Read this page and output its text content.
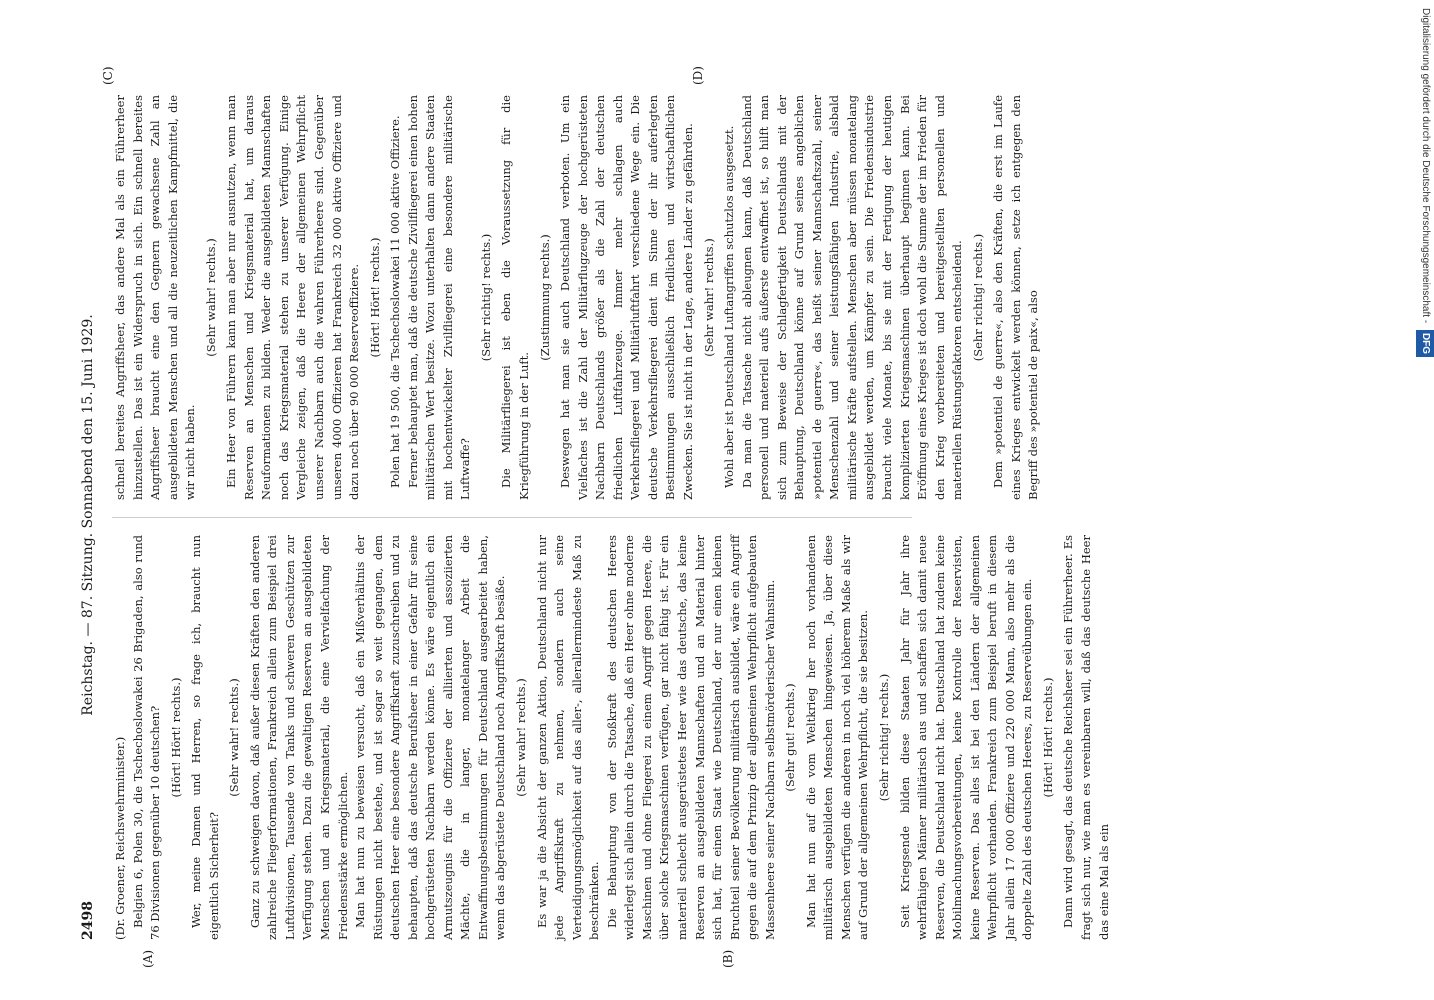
2498
Reichstag. — 87. Sitzung. Sonnabend den 15. Juni 1929.
(A)	(B)
(C)	(D)

(Dr. Groener, Reichswehrminister.) Belgien 6, Polen 30, die Tschechoslowakei 26 Brigaden, also rund 76 Divisionen gegenüber 10 deutschen? (Hört! Hört! rechts.) Wer, meine Damen und Herren, so frage ich, braucht nun eigentlich Sicherheit?

(Sehr wahr! rechts.) Ganz zu schweigen davon, daß außer diesen Kräften den anderen zahlreiche Fliegerformationen, Frankreich allein zum Beispiel drei Luftdivisionen, Tausende von Tanks und schweren Geschützen zur Verfügung stehen. Dazu die gewaltigen Reserven an ausgebildeten Menschen und an Kriegsmaterial, die eine Vervielfachung der Friedensstärke ermöglichen. Man hat nun zu beweisen versucht, daß ein Mißverhältnis der Rüstungen nicht bestehe, und ist sogar so weit gegangen, dem deutschen Heer eine besondere Angriffskraft zuzuschreiben und zu behaupten, daß das deutsche Berufsheer in einer Gefahr für seine hochgerüsteten Nachbarn werden könne. Es wäre eigentlich ein Armutszeugnis für die Offiziere der alliierten und assoziierten Mächte, die in langer, monatelanger Arbeit die Entwaffnungsbestimmungen für Deutschland ausgearbeitet haben, wenn das abgerüstete Deutschland noch Angriffskraft besäße. (Sehr wahr! rechts.) Es war ja die Absicht der ganzen Aktion, Deutschland nicht nur jede Angriffskraft zu nehmen, sondern auch seine Verteidigungsmöglichkeit auf das aller-, allerallermindeste Maß zu beschränken. Die Behauptung von der Stoßkraft des deutschen Heeres widerlegt sich allein durch die Tatsache, daß ein Heer ohne moderne Maschinen und ohne Fliegerei zu einem Angriff gegen Heere, die über solche Kriegsmaschinen verfügen, gar nicht fähig ist. Für ein materiell schlecht ausgerüstetes Heer wie das deutsche, das keine Reserven an ausgebildeten Mannschaften und an Material hinter sich hat, für einen Staat wie Deutschland, der nur einen kleinen Bruchteil seiner Bevölkerung militärisch ausbildet, wäre ein Angriff gegen die auf dem Prinzip der allgemeinen Wehrpflicht aufgebauten Massenheere seiner Nachbarn selbstmörderischer Wahnsinn. (Sehr gut! rechts.) Man hat nun auf die vom Weltkrieg her noch vorhandenen militärisch ausgebildeten Menschen hingewiesen. Ja, über diese Menschen verfügen die anderen in noch viel höherem Maße als wir auf Grund der allgemeinen Wehrpflicht, die sie besitzen. (Sehr richtig! rechts.) Seit Kriegsende bilden diese Staaten Jahr für Jahr ihre wehrfähigen Männer militärisch aus und schaffen sich damit neue Reserven, die Deutschland nicht hat. Deutschland hat zudem keine Mobilmachungsvorbereitungen, keine Kontrolle der Reservisten, keine Reserven. Das alles ist bei den Ländern der allgemeinen Wehrpflicht vorhanden. Frankreich zum Beispiel beruft in diesem Jahr allein 17 000 Offiziere und 220 000 Mann, also mehr als die doppelte Zahl des deutschen Heeres, zu Reserveübungen ein. (Hört! Hört! rechts.) Dann wird gesagt, das deutsche Reichsheer sei ein Führerheer. Es fragt sich nur, wie man es vereinbaren will, daß das deutsche Heer das eine Mal als ein

schnell bereites Angriffsheer, das andere Mal als ein Führerheer hinzustellen. Das ist ein Widerspruch in sich. Ein schnell bereites Angriffsheer braucht eine den Gegnern gewachsene Zahl an ausgebildeten Menschen und all die neuzeitlichen Kampfmittel, die wir nicht haben.

(Sehr wahr! rechts.) Ein Heer von Führern kann man aber nur ausnutzen, wenn man Reserven an Menschen und Kriegsmaterial hat, um daraus Neuformationen zu bilden. Weder die ausgebildeten Mannschaften noch das Kriegsmaterial stehen zu unserer Verfügung. Einige Vergleiche zeigen, daß die Heere der allgemeinen Wehrpflicht unserer Nachbarn auch die wahren Führerheere sind. Gegenüber unseren 4000 Offizieren hat Frankreich 32 000 aktive Offiziere und dazu noch über 90 000 Reserveoffiziere. (Hört! Hört! rechts.) Polen hat 19 500, die Tschechoslowakei 11 000 aktive Offiziere. Ferner behauptet man, daß die deutsche Zivilfliegerei einen hohen militärischen Wert besitze. Wozu unterhalten dann andere Staaten mit hochentwickelter Zivilfliegerei eine besondere militärische Luftwaffe?

(Sehr richtig! rechts.) Die Militärfliegerei ist eben die Voraussetzung für die Kriegführung in der Luft.

(Zustimmung rechts.) Deswegen hat man sie auch Deutschland verboten. Um ein Vielfaches ist die Zahl der Militärflugzeuge der hochgerüsteten Nachbarn Deutschlands größer als die Zahl der deutschen friedlichen Luftfahrzeuge. Immer mehr schlagen auch Verkehrsfliegerei und Militärluftfahrt verschiedene Wege ein. Die deutsche Verkehrsfliegerei dient im Sinne der ihr auferlegten Bestimmungen ausschließlich friedlichen und wirtschaftlichen Zwecken. Sie ist nicht in der Lage, andere Länder zu gefährden. (Sehr wahr! rechts.) Wohl aber ist Deutschland Luftangriffen schutzlos ausgesetzt. Da man die Tatsache nicht ableugnen kann, daß Deutschland personell und materiell aufs äußerste entwaffnet ist, so hilft man sich zum Beweise der Schlagfertigkeit Deutschlands mit der Behauptung, Deutschland könne auf Grund seines angeblichen »potentiel de guerre«, das heißt seiner Mannschaftszahl, seiner Menschenzahl und seiner leistungsfähigen Industrie, alsbald militärische Kräfte aufstellen. Menschen aber müssen monatelang ausgebildet werden, um Kämpfer zu sein. Die Friedensindustrie braucht viele Monate, bis sie mit der Fertigung der heutigen komplizierten Kriegsmaschinen überhaupt beginnen kann. Bei Eröffnung eines Krieges ist doch wohl die Summe der im Frieden für den Krieg vorbereiteten und bereitgestellten personellen und materiellen Rüstungsfaktoren entscheidend. (Sehr richtig! rechts.) Dem »potentiel de guerre«, also den Kräften, die erst im Laufe eines Krieges entwickelt werden können, setze ich entgegen den Begriff des »potentiel de paix«, also

Digitalisierung gefördert durch die Deutsche Forschungsgemeinschaft - DFG
